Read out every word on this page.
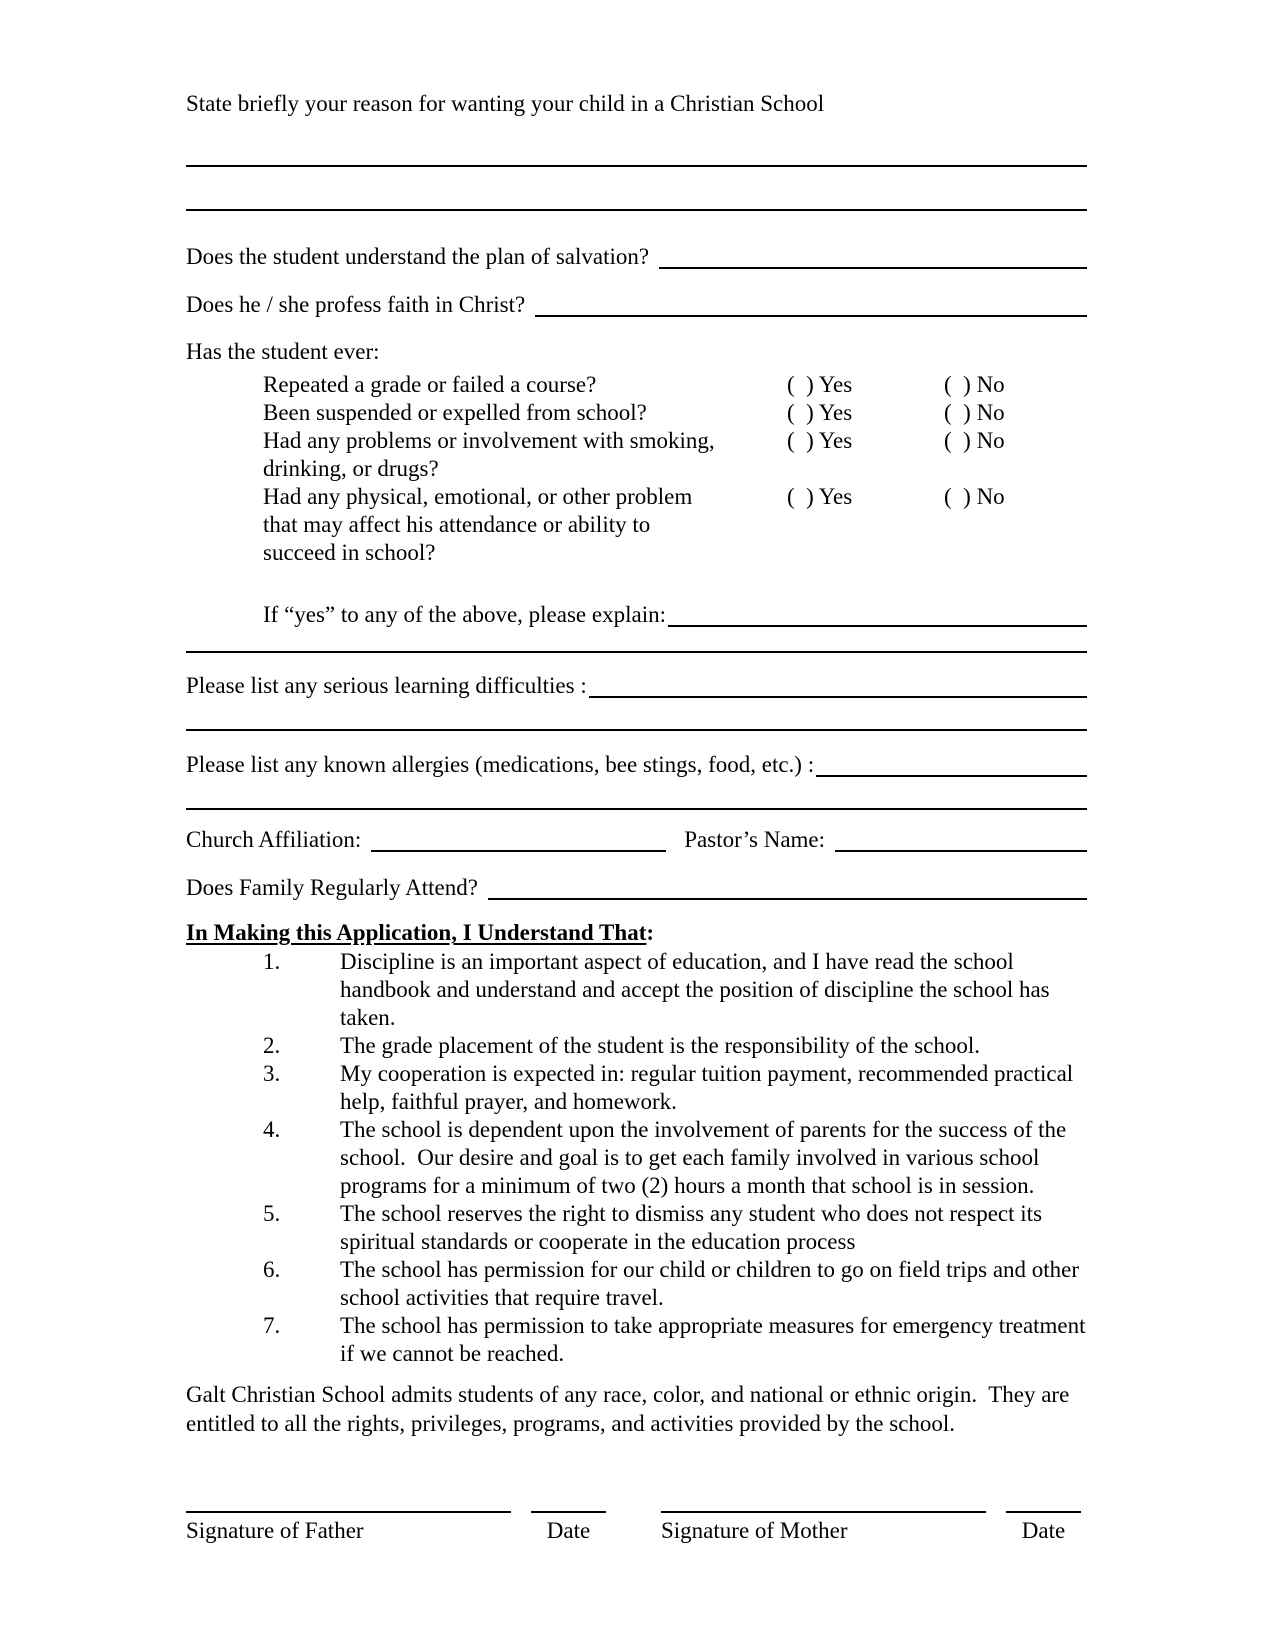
State briefly your reason for wanting your child in a Christian School
Does the student understand the plan of salvation?
Does he / she profess faith in Christ?
Has the student ever:
Repeated a grade or failed a course?	(  ) Yes	(  ) No
Been suspended or expelled from school?	(  ) Yes	(  ) No
Had any problems or involvement with smoking,	(  ) Yes	(  ) No
drinking, or drugs?
Had any physical, emotional, or other problem	(  ) Yes	(  ) No
that may affect his attendance or ability to
succeed in school?
If “yes” to any of the above, please explain:
Please list any serious learning difficulties :
Please list any known allergies (medications, bee stings, food, etc.) :
Church Affiliation:	Pastor’s Name:
Does Family Regularly Attend?
In Making this Application, I Understand That:
1.	Discipline is an important aspect of education, and I have read the school handbook and understand and accept the position of discipline the school has taken.
2.	The grade placement of the student is the responsibility of the school.
3.	My cooperation is expected in: regular tuition payment, recommended practical help, faithful prayer, and homework.
4.	The school is dependent upon the involvement of parents for the success of the school.  Our desire and goal is to get each family involved in various school programs for a minimum of two (2) hours a month that school is in session.
5.	The school reserves the right to dismiss any student who does not respect its spiritual standards or cooperate in the education process
6.	The school has permission for our child or children to go on field trips and other school activities that require travel.
7.	The school has permission to take appropriate measures for emergency treatment if we cannot be reached.
Galt Christian School admits students of any race, color, and national or ethnic origin.  They are entitled to all the rights, privileges, programs, and activities provided by the school.
Signature of Father	Date	Signature of Mother	Date
